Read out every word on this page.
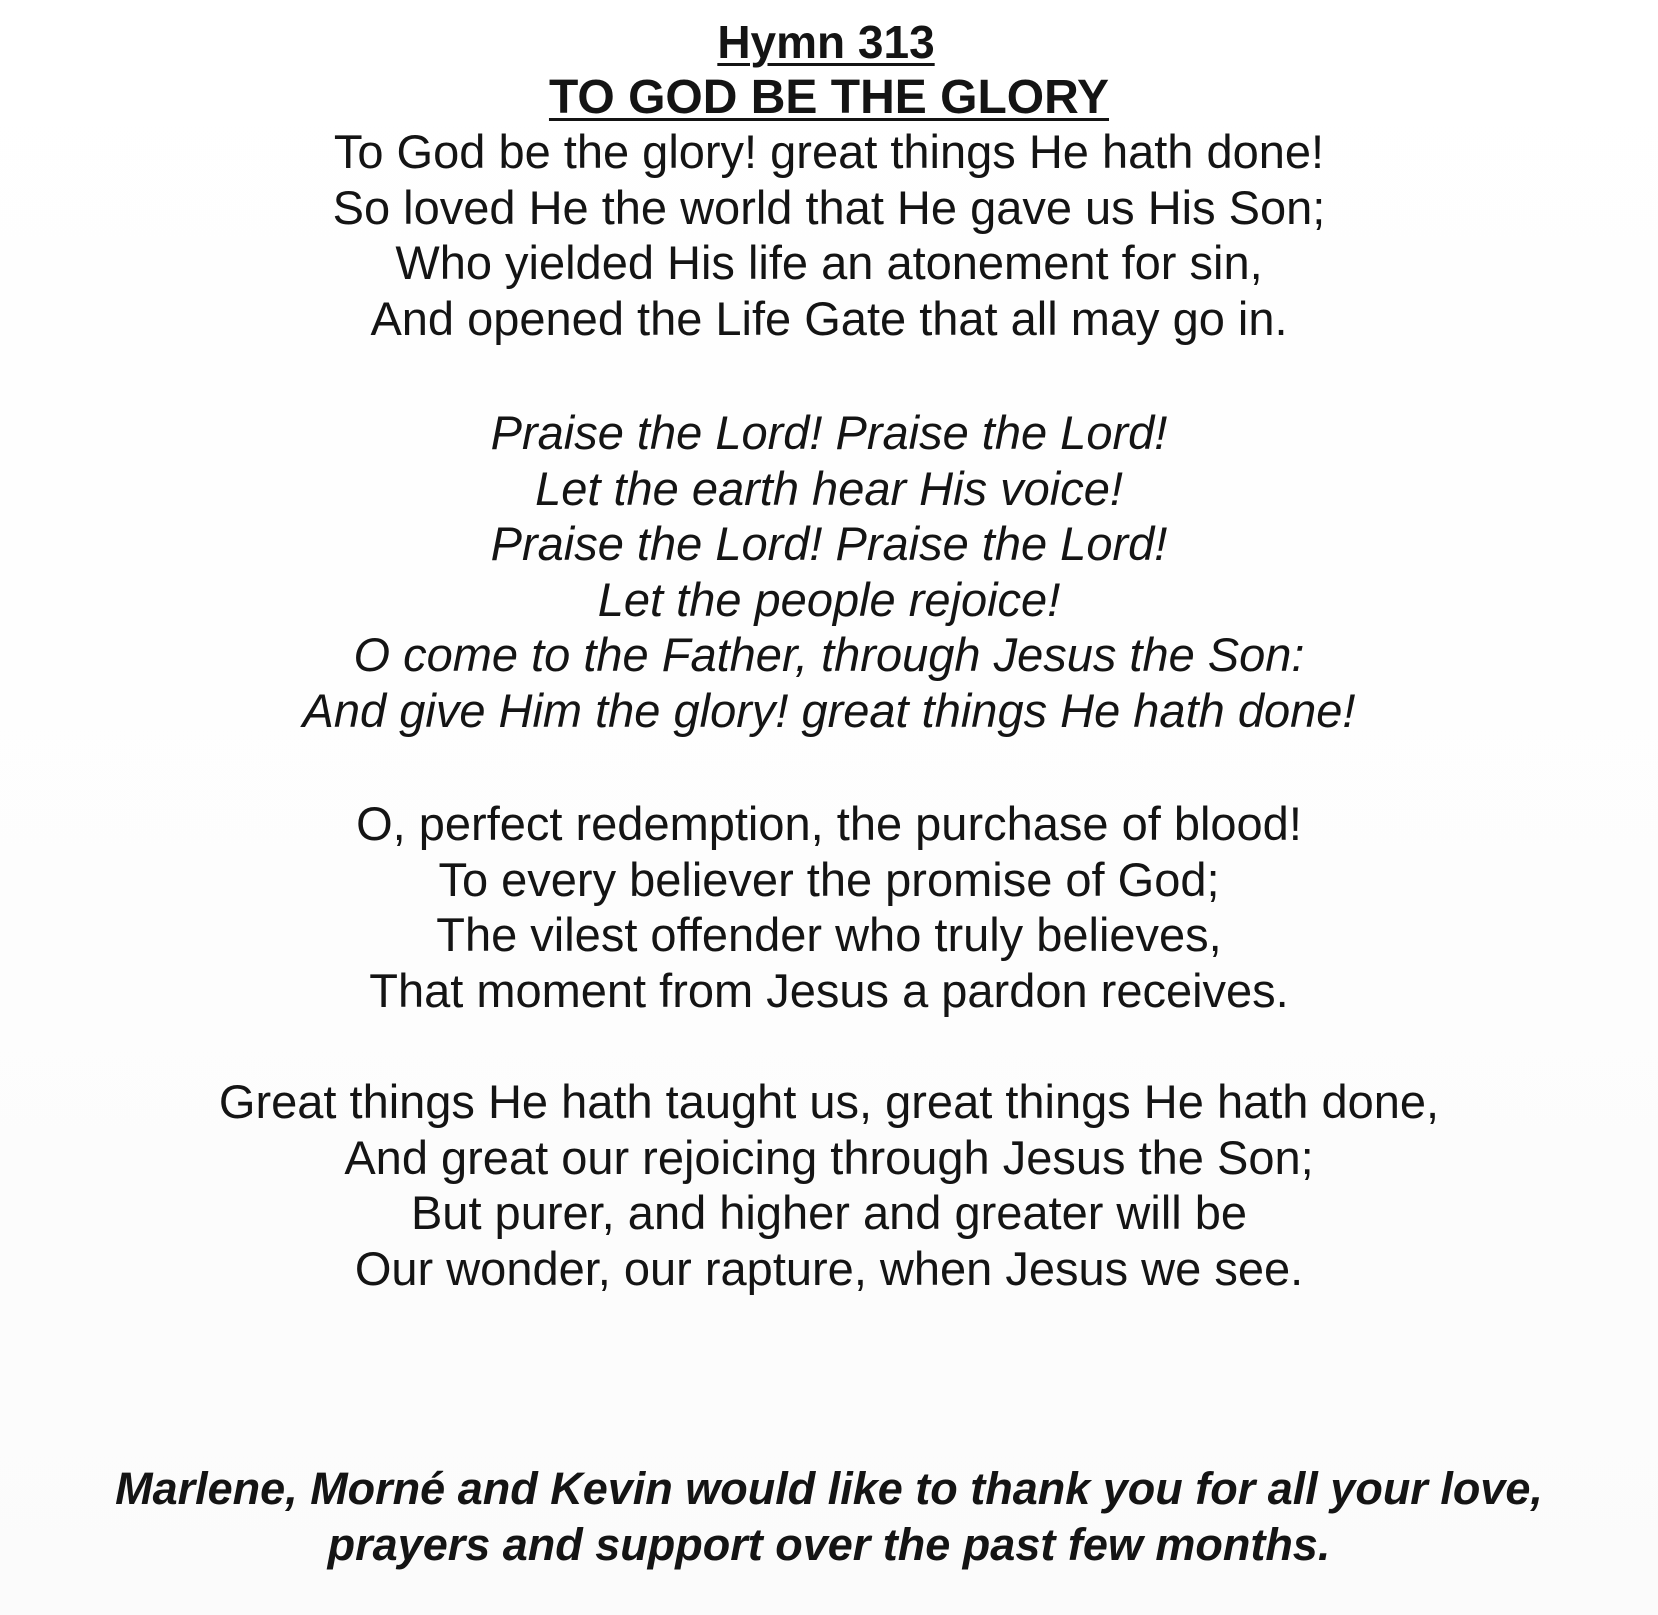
Hymn 313
TO GOD BE THE GLORY
To God be the glory! great things He hath done!
So loved He the world that He gave us His Son;
Who yielded His life an atonement for sin,
And opened the Life Gate that all may go in.
Praise the Lord! Praise the Lord!
Let the earth hear His voice!
Praise the Lord! Praise the Lord!
Let the people rejoice!
O come to the Father, through Jesus the Son:
And give Him the glory! great things He hath done!
O, perfect redemption, the purchase of blood!
To every believer the promise of God;
The vilest offender who truly believes,
That moment from Jesus a pardon receives.
Great things He hath taught us, great things He hath done,
And great our rejoicing through Jesus the Son;
But purer, and higher and greater will be
Our wonder, our rapture, when Jesus we see.
Marlene, Morné and Kevin would like to thank you for all your love,
prayers and support over the past few months.
